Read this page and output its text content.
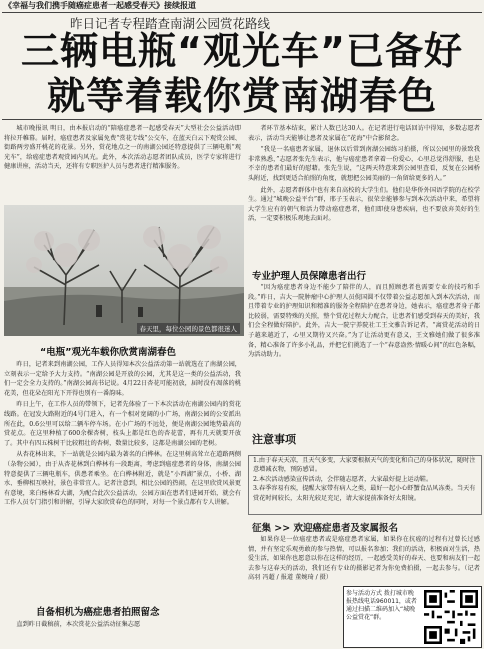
《幸福与我们携手随癌症患者一起感受春天》接续报道
昨日记者专程踏查南湖公园赏花路线
三辆电瓶“观光车”已备好
就等着载你赏南湖春色

城市晚报讯 明日，由本报启动的“陪癌症患者一起感受春天”大型社会公益活动即将拉开帷幕。届时，癌症患者及家属免费“赏花专线”公交车，在蓝天白云下观赏公园、街路两旁盛开桃花的花景。另外，赏花地点之一的南湖公园还特意提供了三辆电瓶“观光车”，给癌症患者观赏园内风光。此外，本次活动志愿者团队成员，医学专家将进行健康讲座，活动当天，还将有专职医护人员与患者进行精准服务。

者环节基本结束，累计人数已达30人。在记者进行电话回访中得知，多数志愿者表示，活动当天能够让患者及家属在“花海”中合影留念。

“我是一名癌患者家属，退休以后常到南湖公园练习拍摄，所以公园里的景致我非常熟悉，”志愿者张先生表示，他与癌症患者拿着一份爱心，心里总觉得舒服，也是不幸的患者们最好的慰藉。张先生说，“这两天特意来到公园里查看，反复在公园桥头附近，找到更适合拍照的角度，就想把公园美丽的一角留给更多的人。”

此外，志愿者群体中也有来自高校的大学生们。他们是华侨外国语学院的在校学生。通过“城晚公益平台”群，邢子玉表示，很荣幸能够参与到本次活动中来，希望将大学生应有的朝气和活力带动癌症患者，他们即使身患疾病，也不要放弃美好的生活，一定要积极乐观地去面对。

春天里，每位公园的景色都很迷人
“电瓶”观光车载你欣赏南湖春色

昨日，记者来到南湖公园，工作人员得知本次公益活动第一站就选在了南湖公园，立刻表示一定给予大力支持。“南湖公园是开放的公园，尤其是这一类的公益活动，我们一定会全力支持的。”南湖公园高书记说。4月22日杏花可能初放，届时没有凋落的桃花美，但花朵在阳光下开得也别有一番韵味。

昨日上午，在工作人员的带领下，记者先体验了一下本次活动在南湖公园内的赏花线路。在冠发大路附近的4号门进入，有一个相对宽阔的小广场，南湖公园的公安派出所在此，0.6公里可以给二辆车停车场。在小广场的不远处，便是南湖公园地势最高的赏花点。在这里种植了600余棵杏树，枝头上都是红色的杏花蕾，再有几天就要开放了。其中有四五株树干比较粗壮的杏树，数量比较多，这都是南湖公园的老树。

从杏花林出来，下一站就是公园内最为著名的白桦林。在这里树高耸立在道路两侧（杂物公园），由于从杏花林到白桦林有一段距离，考虑到癌症患者的身体，南湖公园特意提供了三辆电瓶车，供患者乘坐。在白桦林附近，就是“小西湖”景点，小桥、湖水、垂柳相互映衬，景色非常宜人。记者注意到，相比公园的热闹，在这里欣赏风景更有意境，来白杨林看大湖，为配合此次公益活动，公园方面在患者们进园开始，就会有工作人员专门指引和讲解，引导大家欣赏春色的同时，对每一个景点都有专人讲解。

自备相机为癌症患者拍照留念

直到昨日截稿前，本次赏花公益活动征集志愿

专业护理人员保障患者出行

“因为癌症患者身边不能少了陪伴的人，而且照顾患者也需要专业的技巧和手段。”昨日，吉大一院肿瘤中心护理人员倪国圆不仅带着公益志愿加入到本次活动，而且带着专业的护理知识和精准的服务全程陪护在患者身边，她表示，癌症患者身子都比较弱，需要特殊的关照，整个赏花过程大力配合，让患者们感受到春天的美好，我们会全程做好陪护。此外，吉大一院宁养院社工王文雅告诉记者，“离赏花活动的日子越来越近了，心里又期待又兴奋。”为了让活动更有意义，王文雅她们做了很多准备，精心准备了许多小礼品，并把它们挑选了一个“春意盎然·情暖心间”的红色条幅，为活动助力。

注意事项
1.由于春天天凉，且天气多变，大家要根据天气的变化和自己的身体状况，随时注意增减衣物，预防感冒。
2.本次活动感染宣传活动，会伴随志愿者，大家最好提上运动鞋。
3.春季容易有疾，提醒大家带有病人之类，最好一起小心虾蟹食品风冻类。当天有赏花时间较长，太阳光较足充足，请大家提前准备好太阳镜。
征集 >> 欢迎癌症患者及家属报名

如果你是一位癌症患者或是癌症患者家属，如果你在抗癌的过程有过曾长过感情，并有坚定乐观勇敢的参与热情，可以报名参加；我们的活动，积极面对生活，热爱生活，如果你也愿意以你在这样的经历，一起感受美好的春天、也要和病友们一起去参与这春天的活动，我们还有专业的摄影记者为你免费拍摄，一起去参与。（记者 高羽 冯超 / 报道 董婉琦 / 摄）

参与活动方式 拨打城市晚报热线电话960011，或者通过扫描二维码加入“城晚公益赏花”群。
